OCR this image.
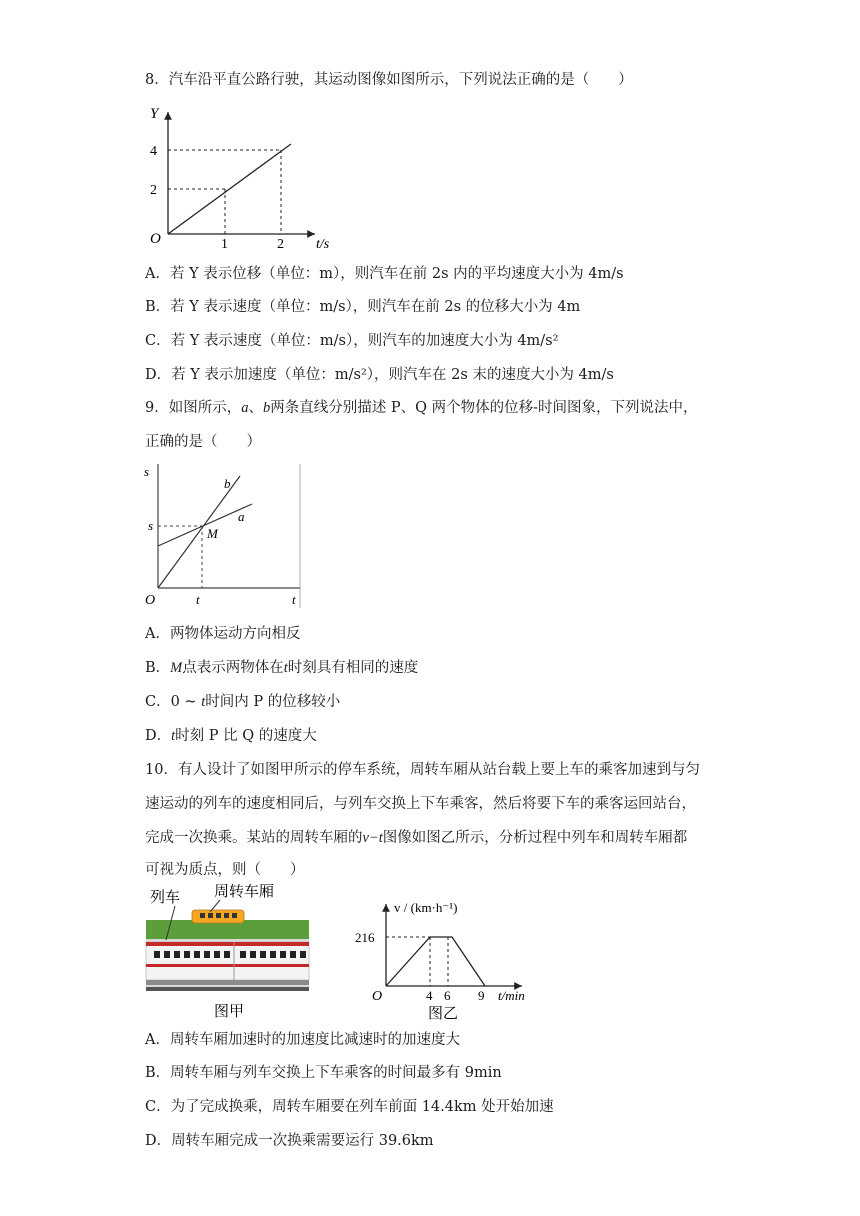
8．汽车沿平直公路行驶，其运动图像如图所示，下列说法正确的是（　　）
Y
4
2
O	1	2 t/s
A．若 Y 表示位移（单位：m），则汽车在前 2s 内的平均速度大小为 4m/s
B．若 Y 表示速度（单位：m/s），则汽车在前 2s 的位移大小为 4m
C．若 Y 表示速度（单位：m/s），则汽车的加速度大小为 4m/s²
D．若 Y 表示加速度（单位：m/s²），则汽车在 2s 末的速度大小为 4m/s
9．如图所示，a、b两条直线分别描述 P、Q 两个物体的位移-时间图象，下列说法中，
正确的是（　　）
s
s
O	t	t
M
b
a
A．两物体运动方向相反
B．M点表示两物体在t时刻具有相同的速度
C．0 ~ t时间内 P 的位移较小
D．t时刻 P 比 Q 的速度大
10．有人设计了如图甲所示的停车系统，周转车厢从站台载上要上车的乘客加速到与匀
速运动的列车的速度相同后，与列车交换上下车乘客，然后将要下车的乘客运回站台，
完成一次换乘。某站的周转车厢的v−t图像如图乙所示，分析过程中列车和周转车厢都
可视为质点，则（　　）
列车 周转车厢
图甲
v / (km·h⁻¹)
216
O	4 6 9 t/min
图乙
A．周转车厢加速时的加速度比减速时的加速度大
B．周转车厢与列车交换上下车乘客的时间最多有 9min
C．为了完成换乘，周转车厢要在列车前面 14.4km 处开始加速
D．周转车厢完成一次换乘需要运行 39.6km
